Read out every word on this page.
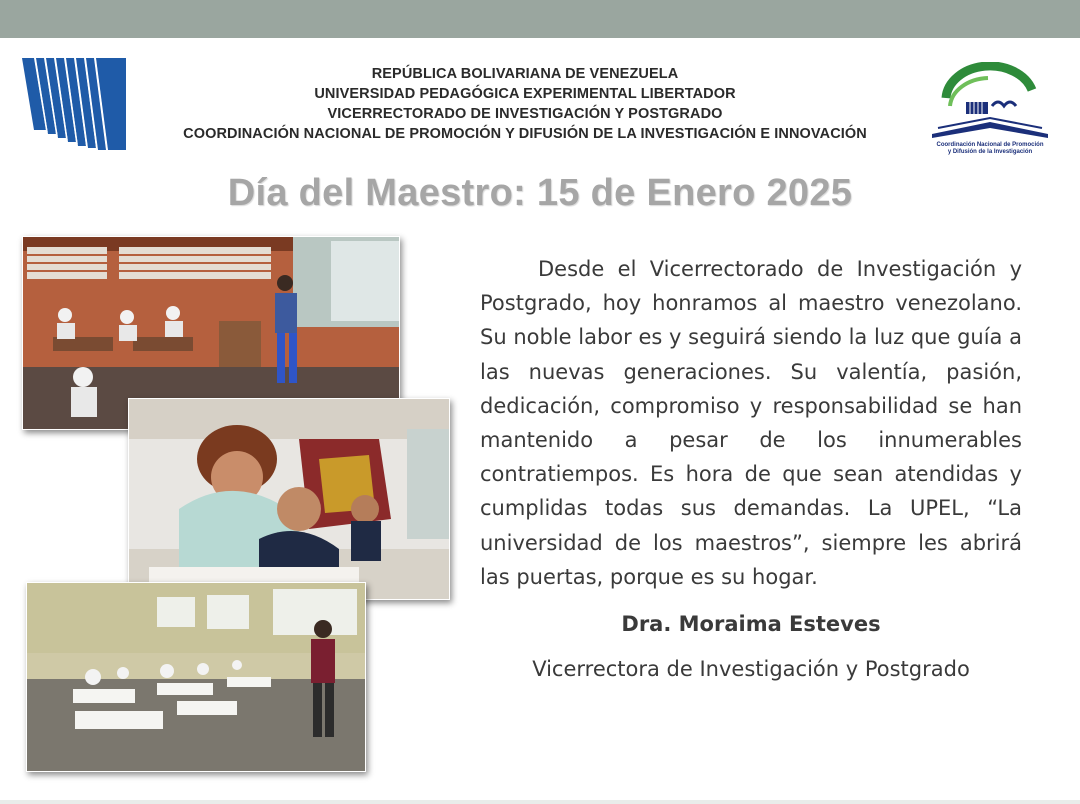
REPÚBLICA BOLIVARIANA DE VENEZUELA
UNIVERSIDAD PEDAGÓGICA EXPERIMENTAL LIBERTADOR
VICERRECTORADO DE INVESTIGACIÓN Y POSTGRADO
COORDINACIÓN NACIONAL DE PROMOCIÓN Y DIFUSIÓN DE LA INVESTIGACIÓN E INNOVACIÓN
Coordinación Nacional de Promoción
y Difusión de la Investigación
Día del Maestro: 15 de Enero 2025
Desde el Vicerrectorado de Investigación y Postgrado, hoy honramos al maestro venezolano. Su noble labor es y seguirá siendo la luz que guía a las nuevas generaciones. Su valentía, pasión, dedicación, compromiso y responsabilidad se han mantenido a pesar de los innumerables contratiempos. Es hora de que sean atendidas y cumplidas todas sus demandas. La UPEL, “La universidad de los maestros”, siempre les abrirá las puertas, porque es su hogar.
Dra. Moraima Esteves
Vicerrectora de Investigación y Postgrado
